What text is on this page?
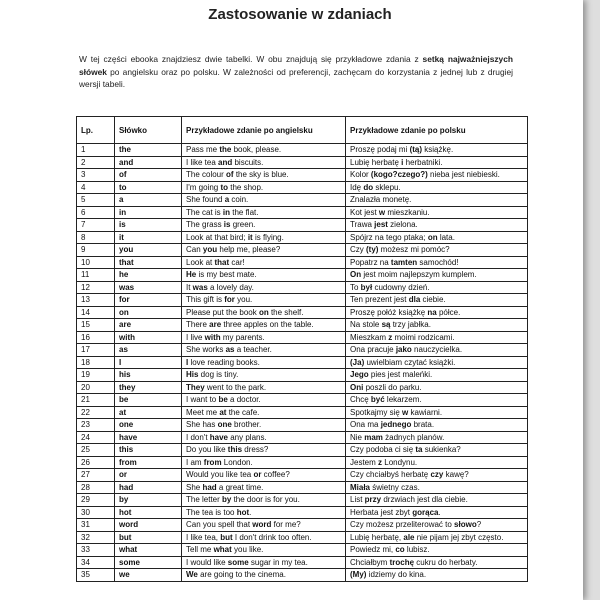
Zastosowanie w zdaniach

W tej części ebooka znajdziesz dwie tabelki. W obu znajdują się przykładowe zdania z setką najważniejszych słówek po angielsku oraz po polsku. W zależności od preferencji, zachęcam do korzystania z jednej lub z drugiej wersji tabeli.

Lp.	Słówko	Przykładowe zdanie po angielsku	Przykładowe zdanie po polsku
1	the	Pass me the book, please.	Proszę podaj mi (tą) książkę.
2	and	I like tea and biscuits.	Lubię herbatę i herbatniki.
3	of	The colour of the sky is blue.	Kolor (kogo?czego?) nieba jest niebieski.
4	to	I'm going to the shop.	Idę do sklepu.
5	a	She found a coin.	Znalazła monetę.
6	in	The cat is in the flat.	Kot jest w mieszkaniu.
7	is	The grass is green.	Trawa jest zielona.
8	it	Look at that bird; it is flying.	Spójrz na tego ptaka; on lata.
9	you	Can you help me, please?	Czy (ty) możesz mi pomóc?
10	that	Look at that car!	Popatrz na tamten samochód!
11	he	He is my best mate.	On jest moim najlepszym kumplem.
12	was	It was a lovely day.	To był cudowny dzień.
13	for	This gift is for you.	Ten prezent jest dla ciebie.
14	on	Please put the book on the shelf.	Proszę połóż książkę na półce.
15	are	There are three apples on the table.	Na stole są trzy jabłka.
16	with	I live with my parents.	Mieszkam z moimi rodzicami.
17	as	She works as a teacher.	Ona pracuje jako nauczycielka.
18	I	I love reading books.	(Ja) uwielbiam czytać książki.
19	his	His dog is tiny.	Jego pies jest maleńki.
20	they	They went to the park.	Oni poszli do parku.
21	be	I want to be a doctor.	Chcę być lekarzem.
22	at	Meet me at the cafe.	Spotkajmy się w kawiarni.
23	one	She has one brother.	Ona ma jednego brata.
24	have	I don't have any plans.	Nie mam żadnych planów.
25	this	Do you like this dress?	Czy podoba ci się ta sukienka?
26	from	I am from London.	Jestem z Londynu.
27	or	Would you like tea or coffee?	Czy chciałbyś herbatę czy kawę?
28	had	She had a great time.	Miała świetny czas.
29	by	The letter by the door is for you.	List przy drzwiach jest dla ciebie.
30	hot	The tea is too hot.	Herbata jest zbyt gorąca.
31	word	Can you spell that word for me?	Czy możesz przeliterować to słowo?
32	but	I like tea, but I don't drink too often.	Lubię herbatę, ale nie pijam jej zbyt często.
33	what	Tell me what you like.	Powiedz mi, co lubisz.
34	some	I would like some sugar in my tea.	Chciałbym trochę cukru do herbaty.
35	we	We are going to the cinema.	(My) idziemy do kina.
